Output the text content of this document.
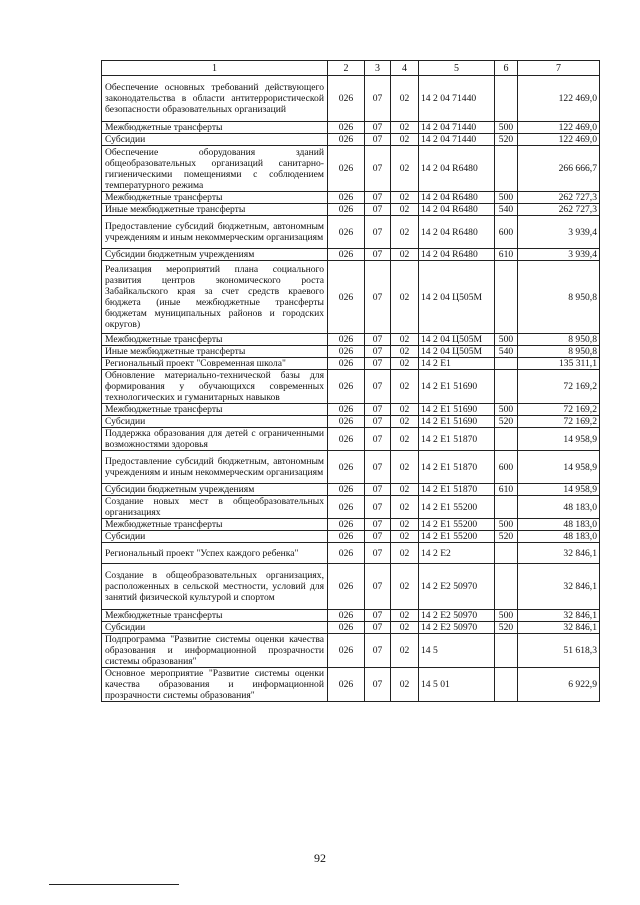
1	2	3	4	5	6	7
Обеспечение основных требований действующего законодательства в области антитеррористической безопасности образовательных организаций	026	07	02	14 2 04 71440		122 469,0
Межбюджетные трансферты	026	07	02	14 2 04 71440	500	122 469,0
Субсидии	026	07	02	14 2 04 71440	520	122 469,0
Обеспечение оборудования зданий общеобразовательных организаций санитарно-гигиеническими помещениями с соблюдением температурного режима	026	07	02	14 2 04 R6480		266 666,7
Межбюджетные трансферты	026	07	02	14 2 04 R6480	500	262 727,3
Иные межбюджетные трансферты	026	07	02	14 2 04 R6480	540	262 727,3
Предоставление субсидий бюджетным, автономным учреждениям и иным некоммерческим организациям	026	07	02	14 2 04 R6480	600	3 939,4
Субсидии бюджетным учреждениям	026	07	02	14 2 04 R6480	610	3 939,4
Реализация мероприятий плана социального развития центров экономического роста Забайкальского края за счет средств краевого бюджета (иные межбюджетные трансферты бюджетам муниципальных районов и городских округов)	026	07	02	14 2 04 Ц505М		8 950,8
Межбюджетные трансферты	026	07	02	14 2 04 Ц505М	500	8 950,8
Иные межбюджетные трансферты	026	07	02	14 2 04 Ц505М	540	8 950,8
Региональный проект "Современная школа"	026	07	02	14 2 E1		135 311,1
Обновление материально-технической базы для формирования у обучающихся современных технологических и гуманитарных навыков	026	07	02	14 2 E1 51690		72 169,2
Межбюджетные трансферты	026	07	02	14 2 E1 51690	500	72 169,2
Субсидии	026	07	02	14 2 E1 51690	520	72 169,2
Поддержка образования для детей с ограниченными возможностями здоровья	026	07	02	14 2 E1 51870		14 958,9
Предоставление субсидий бюджетным, автономным учреждениям и иным некоммерческим организациям	026	07	02	14 2 E1 51870	600	14 958,9
Субсидии бюджетным учреждениям	026	07	02	14 2 E1 51870	610	14 958,9
Создание новых мест в общеобразовательных организациях	026	07	02	14 2 E1 55200		48 183,0
Межбюджетные трансферты	026	07	02	14 2 E1 55200	500	48 183,0
Субсидии	026	07	02	14 2 E1 55200	520	48 183,0
Региональный проект "Успех каждого ребенка"	026	07	02	14 2 E2		32 846,1
Создание в общеобразовательных организациях, расположенных в сельской местности, условий для занятий физической культурой и спортом	026	07	02	14 2 E2 50970		32 846,1
Межбюджетные трансферты	026	07	02	14 2 E2 50970	500	32 846,1
Субсидии	026	07	02	14 2 E2 50970	520	32 846,1
Подпрограмма "Развитие системы оценки качества образования и информационной прозрачности системы образования"	026	07	02	14 5		51 618,3
Основное мероприятие "Развитие системы оценки качества образования и информационной прозрачности системы образования"	026	07	02	14 5 01		6 922,9
92
